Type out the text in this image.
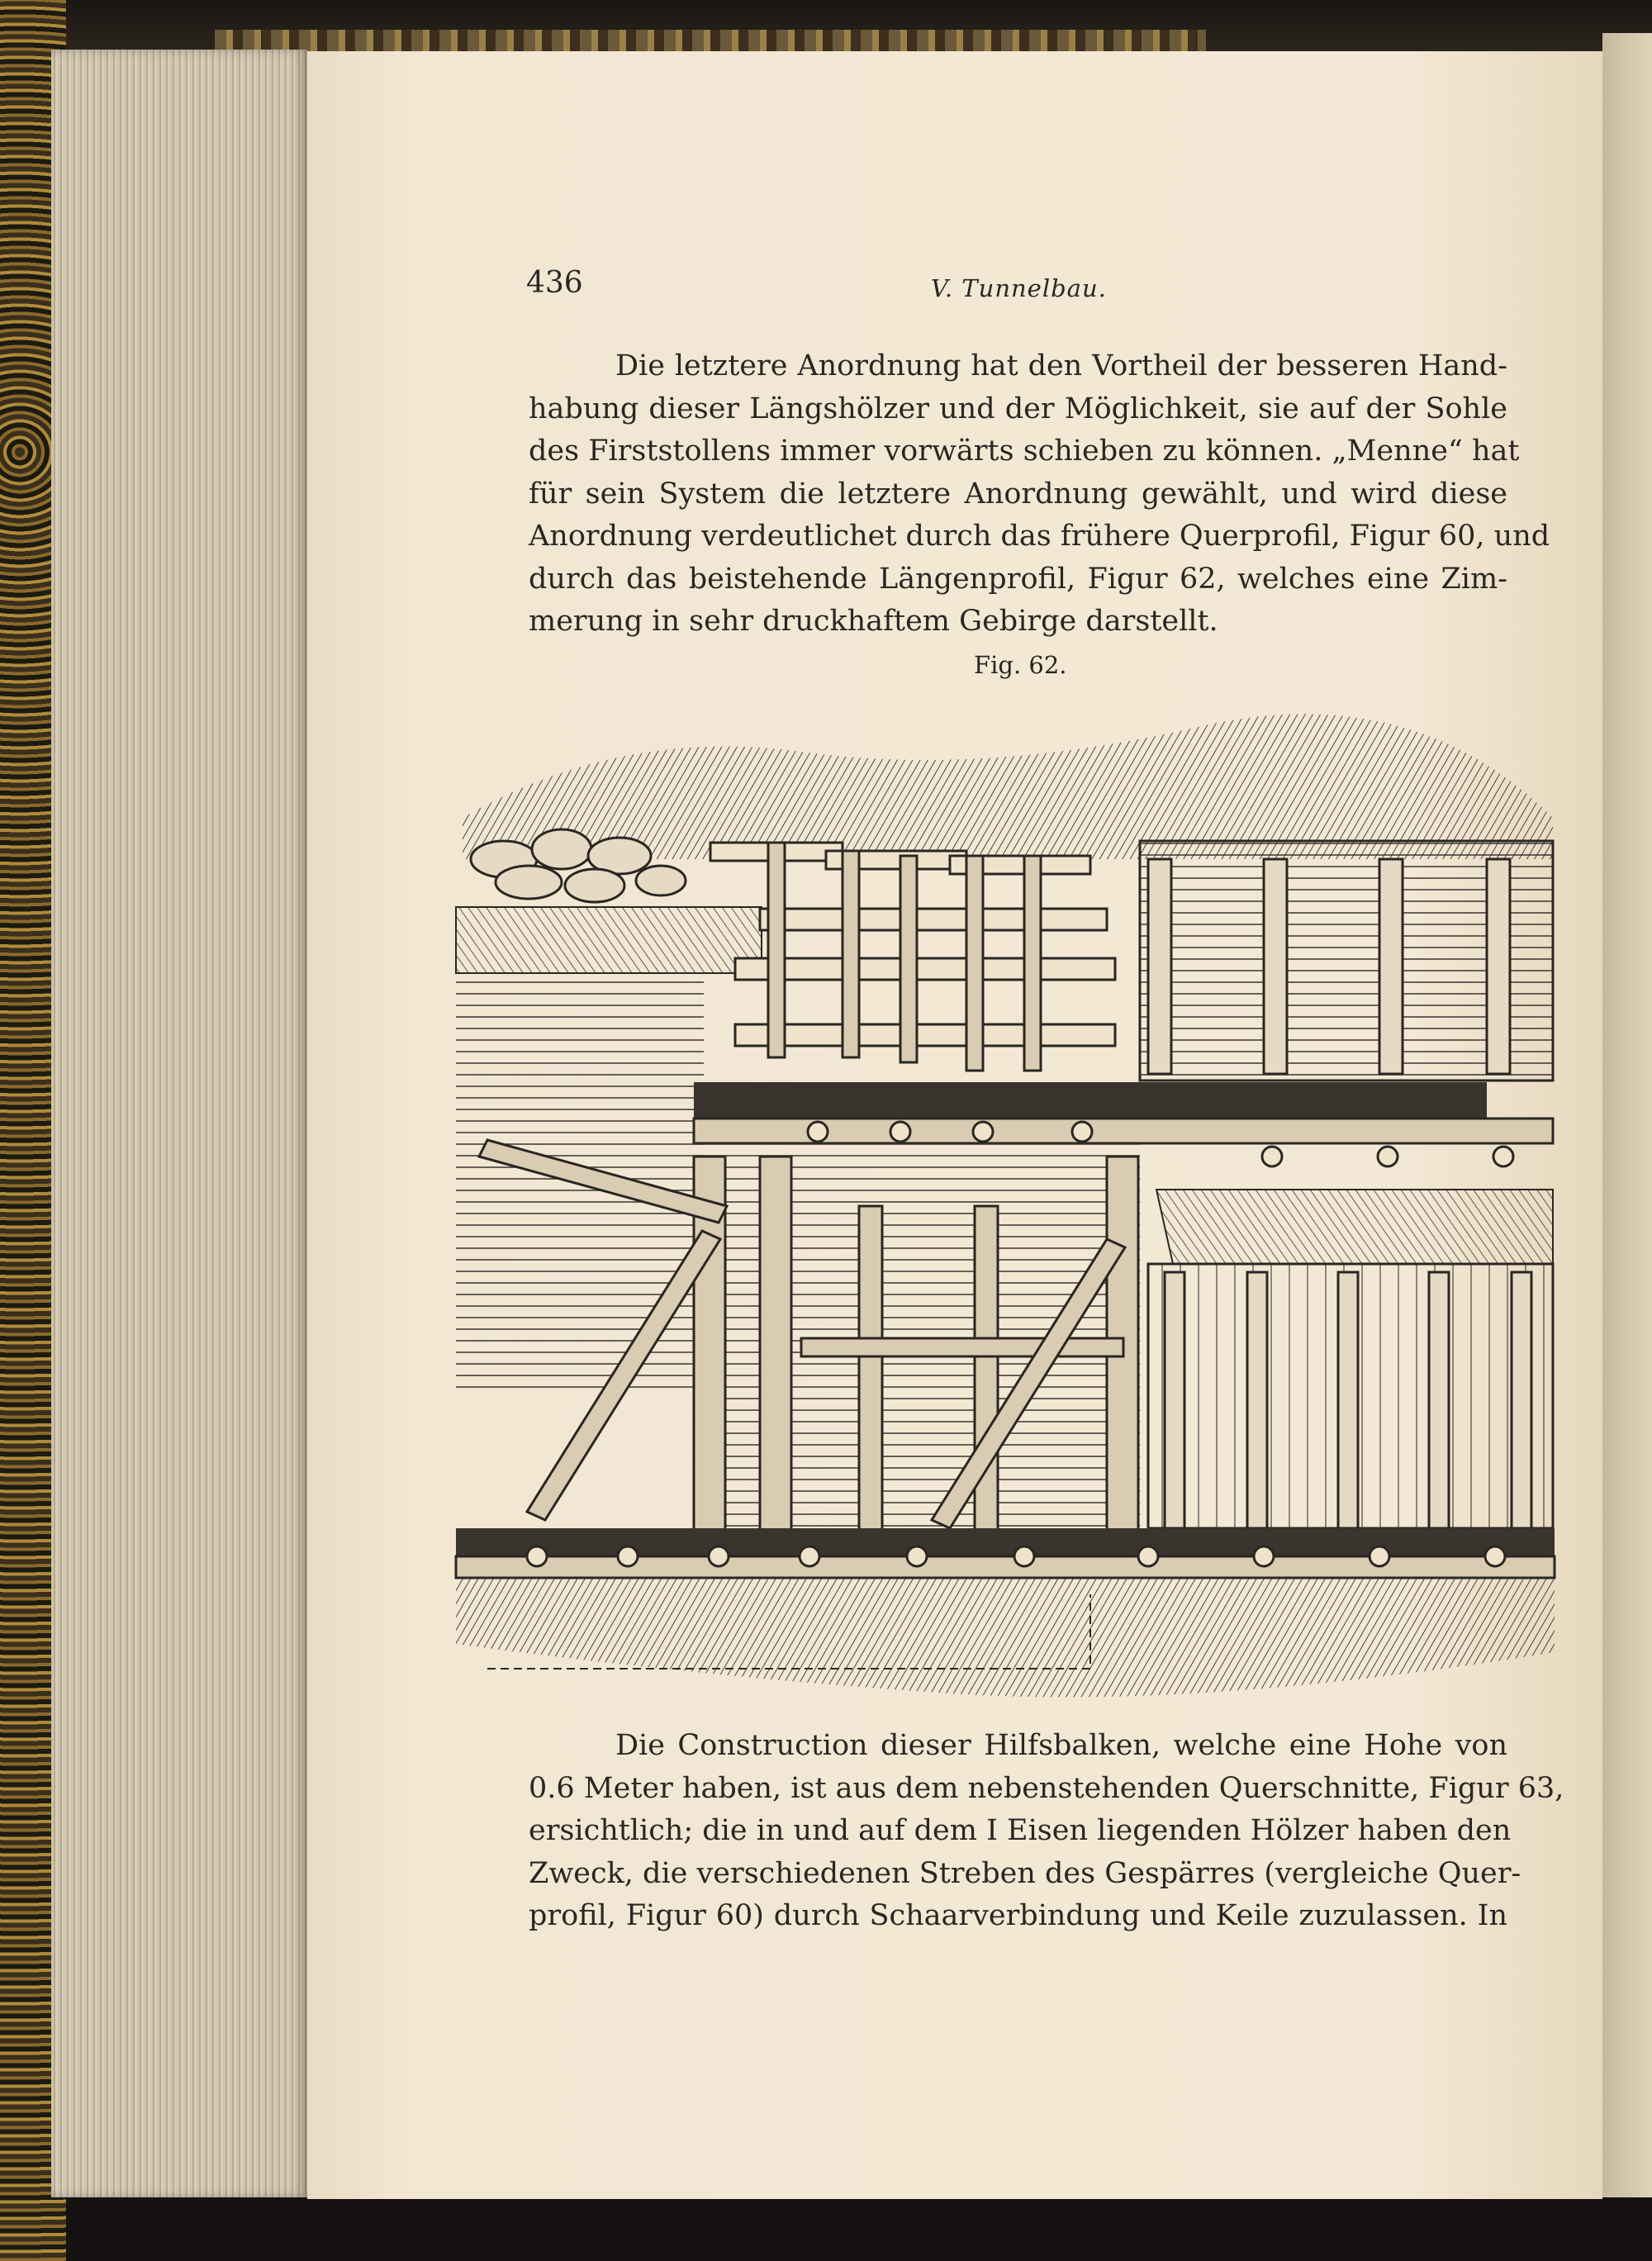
436	V. Tunnelbau.

Die letztere Anordnung hat den Vortheil der besseren Hand-

habung dieser Längshölzer und der Möglichkeit, sie auf der Sohle

des Firststollens immer vorwärts schieben zu können. „Menne“ hat

für sein System die letztere Anordnung gewählt, und wird diese

Anordnung verdeutlichet durch das frühere Querprofil, Figur 60, und

durch das beistehende Längenprofil, Figur 62, welches eine Zim-

merung in sehr druckhaftem Gebirge darstellt.

Fig. 62.

Die Construction dieser Hilfsbalken, welche eine Hohe von

0.6 Meter haben, ist aus dem nebenstehenden Querschnitte, Figur 63,

ersichtlich; die in und auf dem I Eisen liegenden Hölzer haben den

Zweck, die verschiedenen Streben des Gespärres (vergleiche Quer-

profil, Figur 60) durch Schaarverbindung und Keile zuzulassen. In
